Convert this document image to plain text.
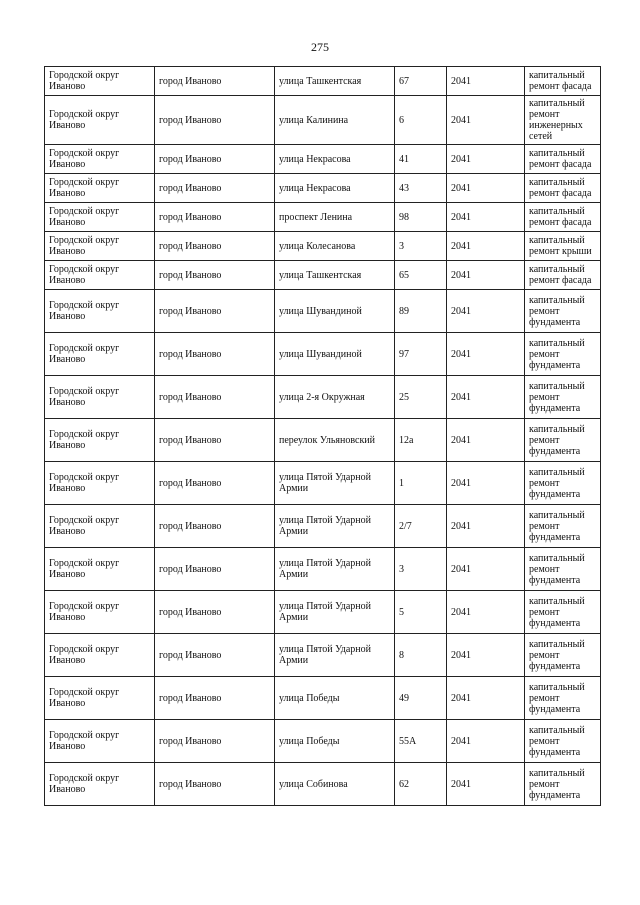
275
Городской округ Иваново	город Иваново	улица Ташкентская	67	2041	капитальный ремонт фасада
Городской округ Иваново	город Иваново	улица Калинина	6	2041	капитальный ремонт инженерных сетей
Городской округ Иваново	город Иваново	улица Некрасова	41	2041	капитальный ремонт фасада
Городской округ Иваново	город Иваново	улица Некрасова	43	2041	капитальный ремонт фасада
Городской округ Иваново	город Иваново	проспект Ленина	98	2041	капитальный ремонт фасада
Городской округ Иваново	город Иваново	улица Колесанова	3	2041	капитальный ремонт крыши
Городской округ Иваново	город Иваново	улица Ташкентская	65	2041	капитальный ремонт фасада
Городской округ Иваново	город Иваново	улица Шувандиной	89	2041	капитальный ремонт фундамента
Городской округ Иваново	город Иваново	улица Шувандиной	97	2041	капитальный ремонт фундамента
Городской округ Иваново	город Иваново	улица 2-я Окружная	25	2041	капитальный ремонт фундамента
Городской округ Иваново	город Иваново	переулок Ульяновский	12а	2041	капитальный ремонт фундамента
Городской округ Иваново	город Иваново	улица Пятой Ударной Армии	1	2041	капитальный ремонт фундамента
Городской округ Иваново	город Иваново	улица Пятой Ударной Армии	2/7	2041	капитальный ремонт фундамента
Городской округ Иваново	город Иваново	улица Пятой Ударной Армии	3	2041	капитальный ремонт фундамента
Городской округ Иваново	город Иваново	улица Пятой Ударной Армии	5	2041	капитальный ремонт фундамента
Городской округ Иваново	город Иваново	улица Пятой Ударной Армии	8	2041	капитальный ремонт фундамента
Городской округ Иваново	город Иваново	улица Победы	49	2041	капитальный ремонт фундамента
Городской округ Иваново	город Иваново	улица Победы	55А	2041	капитальный ремонт фундамента
Городской округ Иваново	город Иваново	улица Собинова	62	2041	капитальный ремонт фундамента
